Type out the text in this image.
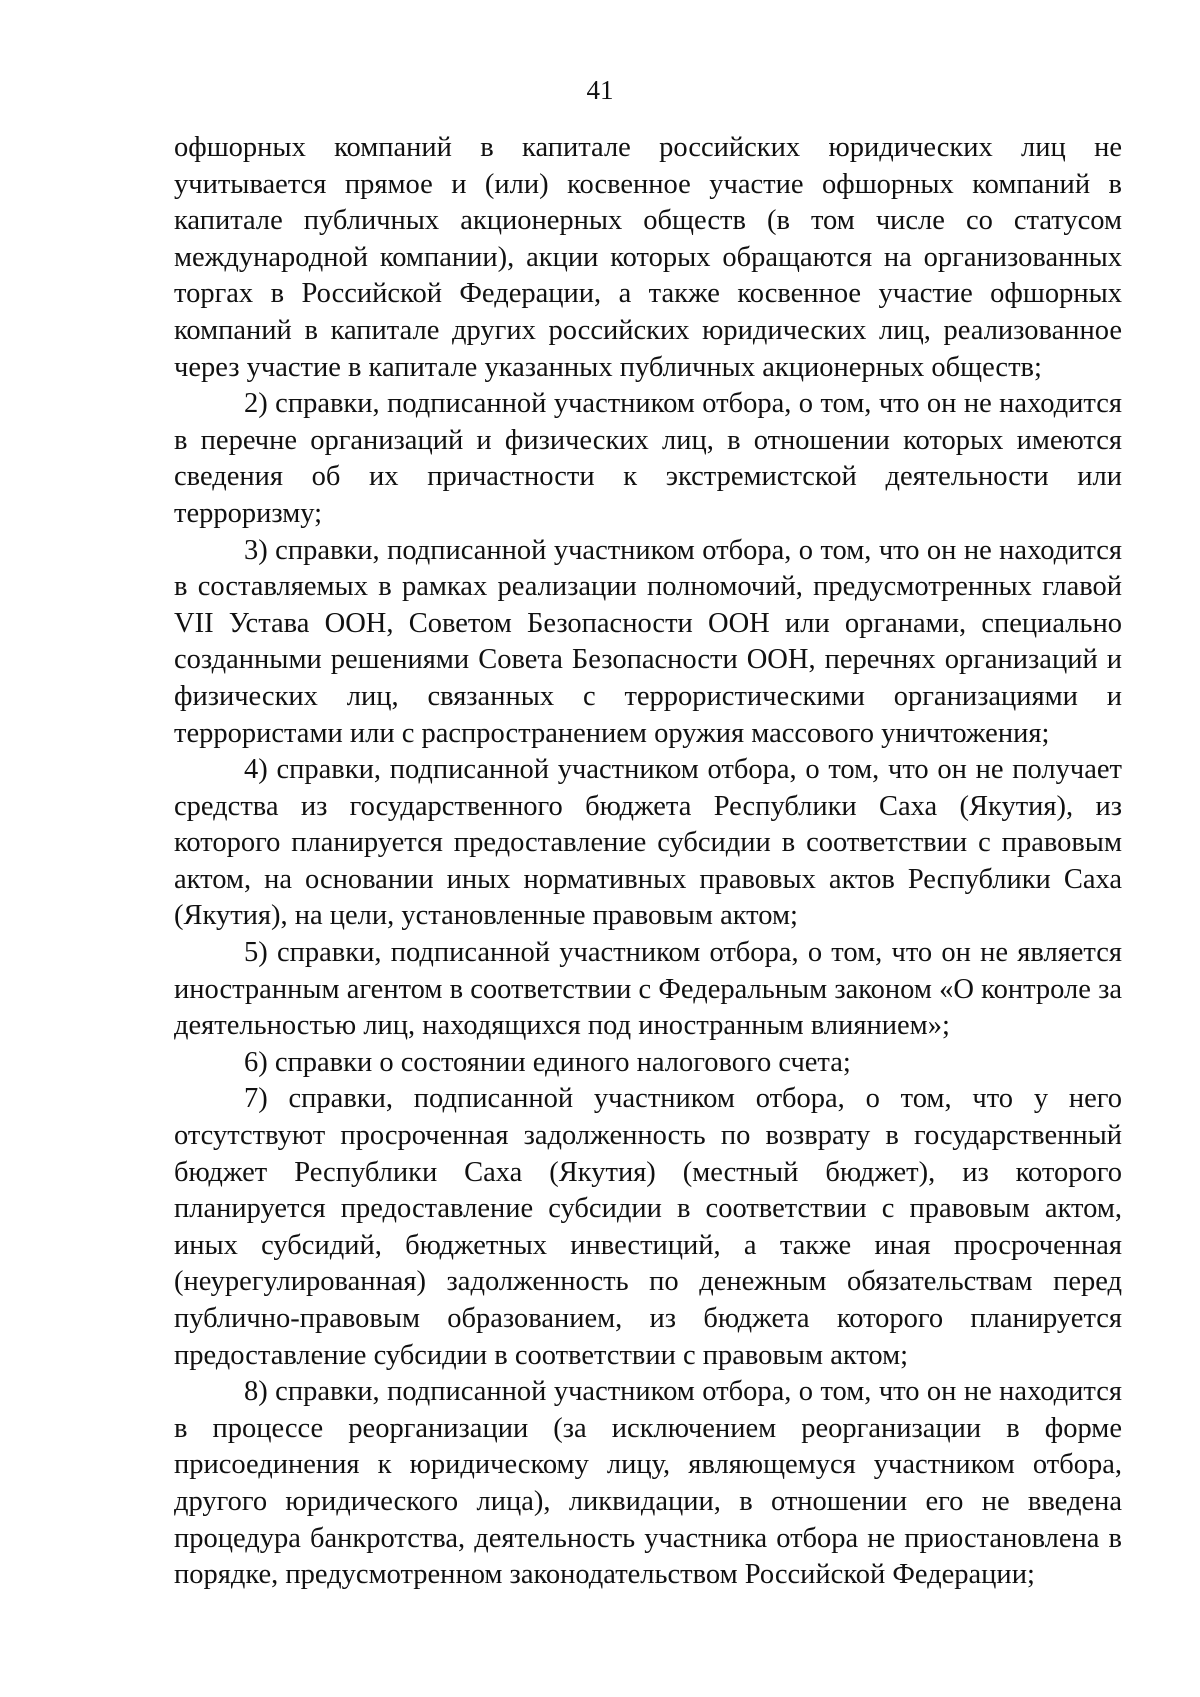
41

офшорных компаний в капитале российских юридических лиц не учитывается прямое и (или) косвенное участие офшорных компаний в капитале публичных акционерных обществ (в том числе со статусом международной компании), акции которых обращаются на организованных торгах в Российской Федерации, а также косвенное участие офшорных компаний в капитале других российских юридических лиц, реализованное через участие в капитале указанных публичных акционерных обществ;

2) справки, подписанной участником отбора, о том, что он не находится в перечне организаций и физических лиц, в отношении которых имеются сведения об их причастности к экстремистской деятельности или терроризму;

3) справки, подписанной участником отбора, о том, что он не находится в составляемых в рамках реализации полномочий, предусмотренных главой VII Устава ООН, Советом Безопасности ООН или органами, специально созданными решениями Совета Безопасности ООН, перечнях организаций и физических лиц, связанных с террористическими организациями и террористами или с распространением оружия массового уничтожения;

4) справки, подписанной участником отбора, о том, что он не получает средства из государственного бюджета Республики Саха (Якутия), из которого планируется предоставление субсидии в соответствии с правовым актом, на основании иных нормативных правовых актов Республики Саха (Якутия), на цели, установленные правовым актом;

5) справки, подписанной участником отбора, о том, что он не является иностранным агентом в соответствии с Федеральным законом «О контроле за деятельностью лиц, находящихся под иностранным влиянием»;

6) справки о состоянии единого налогового счета;

7) справки, подписанной участником отбора, о том, что у него отсутствуют просроченная задолженность по возврату в государственный бюджет Республики Саха (Якутия) (местный бюджет), из которого планируется предоставление субсидии в соответствии с правовым актом, иных субсидий, бюджетных инвестиций, а также иная просроченная (неурегулированная) задолженность по денежным обязательствам перед публично-правовым образованием, из бюджета которого планируется предоставление субсидии в соответствии с правовым актом;

8) справки, подписанной участником отбора, о том, что он не находится в процессе реорганизации (за исключением реорганизации в форме присоединения к юридическому лицу, являющемуся участником отбора, другого юридического лица), ликвидации, в отношении его не введена процедура банкротства, деятельность участника отбора не приостановлена в порядке, предусмотренном законодательством Российской Федерации;
